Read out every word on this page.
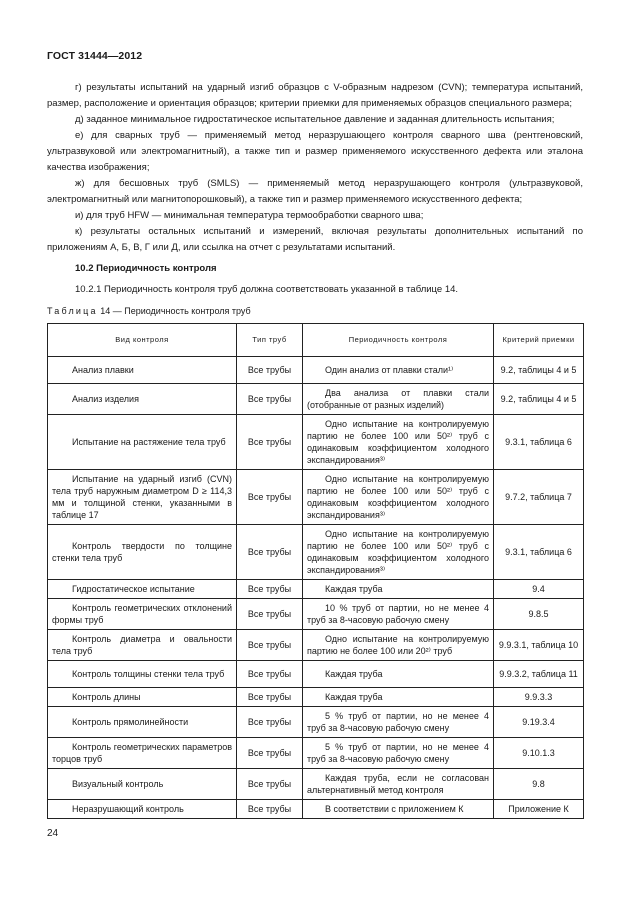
ГОСТ 31444—2012

г) результаты испытаний на ударный изгиб образцов с V-образным надрезом (CVN); температура испытаний, размер, расположение и ориентация образцов; критерии приемки для применяемых образцов специального размера;

д) заданное минимальное гидростатическое испытательное давление и заданная длительность испытания;

е) для сварных труб — применяемый метод неразрушающего контроля сварного шва (рентгеновский, ультразвуковой или электромагнитный), а также тип и размер применяемого искусственного дефекта или эталона качества изображения;

ж) для бесшовных труб (SMLS) — применяемый метод неразрушающего контроля (ультразвуковой, электромагнитный или магнитопорошковый), а также тип и размер применяемого искусственного дефекта;

и) для труб HFW — минимальная температура термообработки сварного шва;

к) результаты остальных испытаний и измерений, включая результаты дополнительных испытаний по приложениям А, Б, В, Г или Д, или ссылка на отчет с результатами испытаний.

10.2 Периодичность контроля

10.2.1 Периодичность контроля труб должна соответствовать указанной в таблице 14.

Таблица 14 — Периодичность контроля труб
Вид контроля	Тип труб	Периодичность контроля	Критерий приемки

Анализ плавки	Все трубы	Один анализ от плавки стали¹⁾	9.2, таблицы 4 и 5

Анализ изделия	Все трубы	Два анализа от плавки стали (отобранные от разных изделий)	9.2, таблицы 4 и 5

Испытание на растяжение тела труб	Все трубы	Одно испытание на контролируемую партию не более 100 или 50²⁾ труб с одинаковым коэффициентом холодного экспандирования³⁾	9.3.1, таблица 6

Испытание на ударный изгиб (CVN) тела труб наружным диаметром D ≥ 114,3 мм и толщиной стенки, указанными в таблице 17	Все трубы	Одно испытание на контролируемую партию не более 100 или 50²⁾ труб с одинаковым коэффициентом холодного экспандирования³⁾	9.7.2, таблица 7

Контроль твердости по толщине стенки тела труб	Все трубы	Одно испытание на контролируемую партию не более 100 или 50²⁾ труб с одинаковым коэффициентом холодного экспандирования³⁾	9.3.1, таблица 6

Гидростатическое испытание	Все трубы	Каждая труба	9.4

Контроль геометрических отклонений формы труб	Все трубы	10 % труб от партии, но не менее 4 труб за 8-часовую рабочую смену	9.8.5

Контроль диаметра и овальности тела труб	Все трубы	Одно испытание на контролируемую партию не более 100 или 20²⁾ труб	9.9.3.1, таблица 10

Контроль толщины стенки тела труб	Все трубы	Каждая труба	9.9.3.2, таблица 11

Контроль длины	Все трубы	Каждая труба	9.9.3.3

Контроль прямолинейности	Все трубы	5 % труб от партии, но не менее 4 труб за 8-часовую рабочую смену	9.19.3.4

Контроль геометрических параметров торцов труб	Все трубы	5 % труб от партии, но не менее 4 труб за 8-часовую рабочую смену	9.10.1.3

Визуальный контроль	Все трубы	Каждая труба, если не согласован альтернативный метод контроля	9.8

Неразрушающий контроль	Все трубы	В соответствии с приложением К	Приложение К
24
